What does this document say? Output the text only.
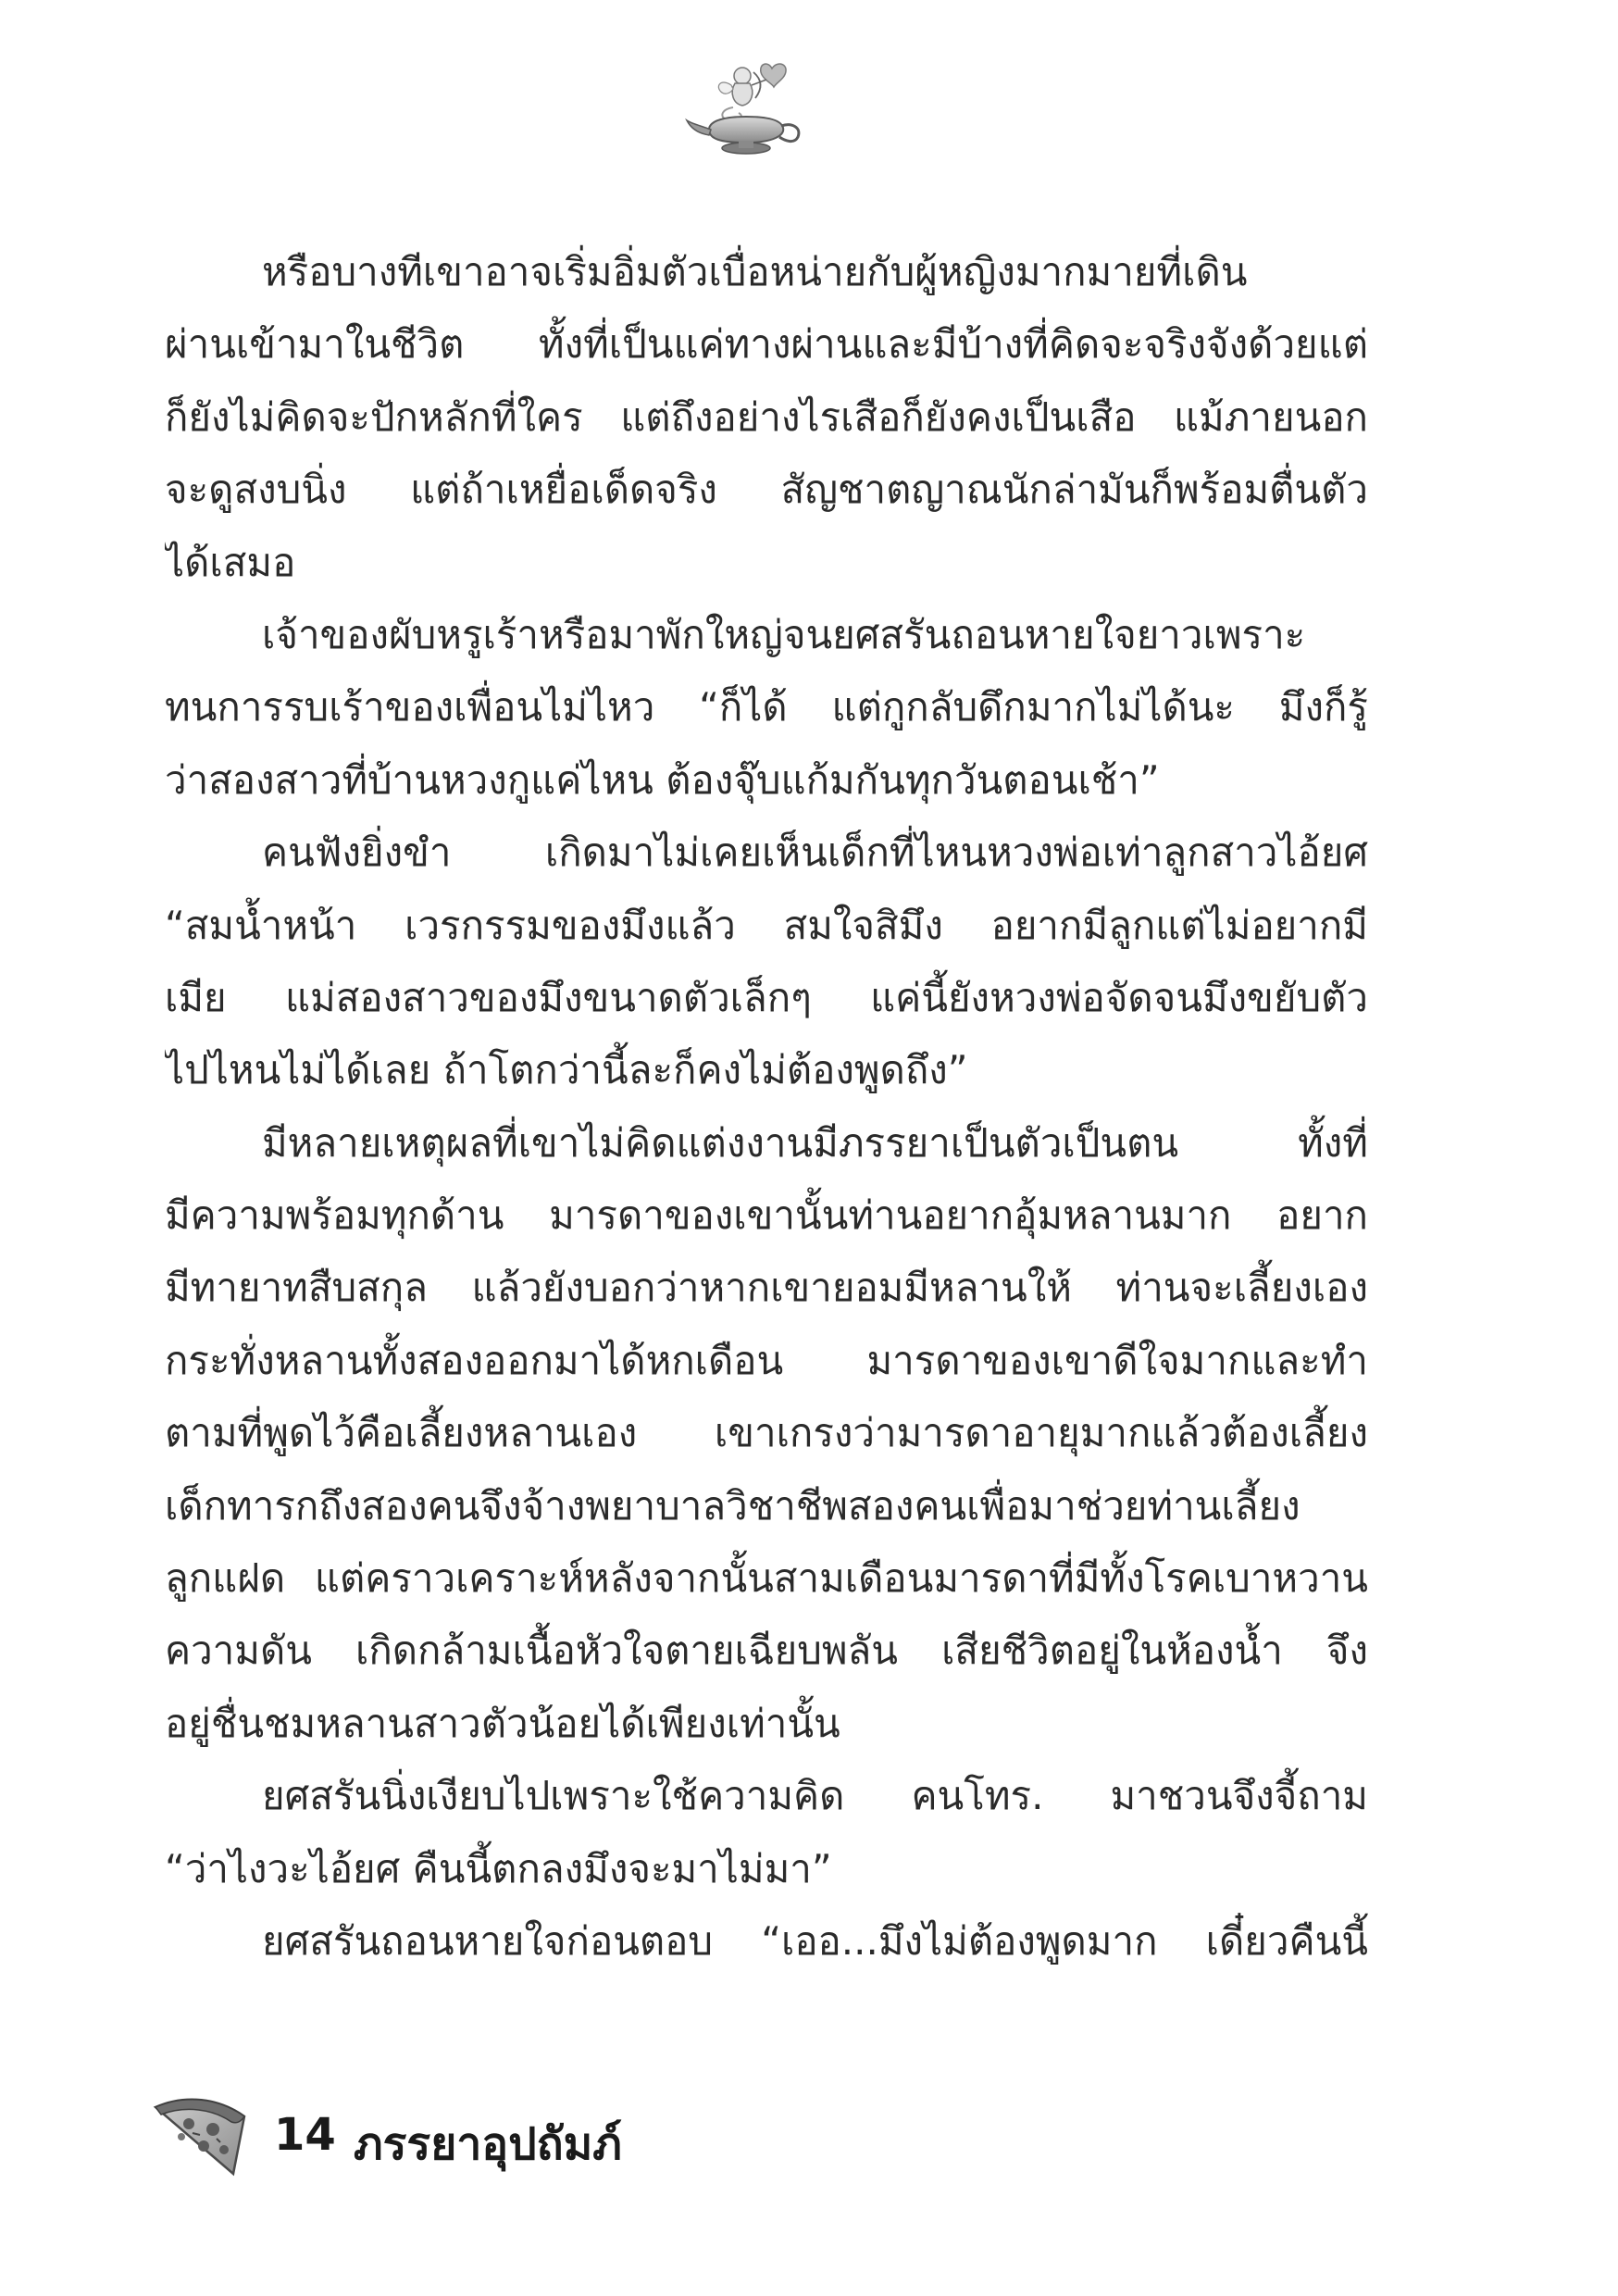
หรือบางทีเขาอาจเริ่มอิ่มตัวเบื่อหน่ายกับผู้หญิงมากมายที่เดิน
ผ่านเข้ามาในชีวิต ทั้งที่เป็นแค่ทางผ่านและมีบ้างที่คิดจะจริงจังด้วยแต่
ก็ยังไม่คิดจะปักหลักที่ใคร แต่ถึงอย่างไรเสือก็ยังคงเป็นเสือ แม้ภายนอก
จะดูสงบนิ่ง แต่ถ้าเหยื่อเด็ดจริง สัญชาตญาณนักล่ามันก็พร้อมตื่นตัว
ได้เสมอ
เจ้าของผับหรูเร้าหรือมาพักใหญ่จนยศสรันถอนหายใจยาวเพราะ
ทนการรบเร้าของเพื่อนไม่ไหว “ก็ได้ แต่กูกลับดึกมากไม่ได้นะ มึงก็รู้
ว่าสองสาวที่บ้านหวงกูแค่ไหน ต้องจุ๊บแก้มกันทุกวันตอนเช้า”
คนฟังยิ่งขำ เกิดมาไม่เคยเห็นเด็กที่ไหนหวงพ่อเท่าลูกสาวไอ้ยศ
“สมน้ำหน้า เวรกรรมของมึงแล้ว สมใจสิมึง อยากมีลูกแต่ไม่อยากมี
เมีย แม่สองสาวของมึงขนาดตัวเล็กๆ แค่นี้ยังหวงพ่อจัดจนมึงขยับตัว
ไปไหนไม่ได้เลย ถ้าโตกว่านี้ละก็คงไม่ต้องพูดถึง”
มีหลายเหตุผลที่เขาไม่คิดแต่งงานมีภรรยาเป็นตัวเป็นตน ทั้งที่
มีความพร้อมทุกด้าน มารดาของเขานั้นท่านอยากอุ้มหลานมาก อยาก
มีทายาทสืบสกุล แล้วยังบอกว่าหากเขายอมมีหลานให้ ท่านจะเลี้ยงเอง
กระทั่งหลานทั้งสองออกมาได้หกเดือน มารดาของเขาดีใจมากและทำ
ตามที่พูดไว้คือเลี้ยงหลานเอง เขาเกรงว่ามารดาอายุมากแล้วต้องเลี้ยง
เด็กทารกถึงสองคนจึงจ้างพยาบาลวิชาชีพสองคนเพื่อมาช่วยท่านเลี้ยง
ลูกแฝด แต่คราวเคราะห์หลังจากนั้นสามเดือนมารดาที่มีทั้งโรคเบาหวาน
ความดัน เกิดกล้ามเนื้อหัวใจตายเฉียบพลัน เสียชีวิตอยู่ในห้องน้ำ จึง
อยู่ชื่นชมหลานสาวตัวน้อยได้เพียงเท่านั้น
ยศสรันนิ่งเงียบไปเพราะใช้ความคิด คนโทร. มาชวนจึงจี้ถาม
“ว่าไงวะไอ้ยศ คืนนี้ตกลงมึงจะมาไม่มา”
ยศสรันถอนหายใจก่อนตอบ “เออ...มึงไม่ต้องพูดมาก เดี๋ยวคืนนี้
14 ภรรยาอุปถัมภ์
